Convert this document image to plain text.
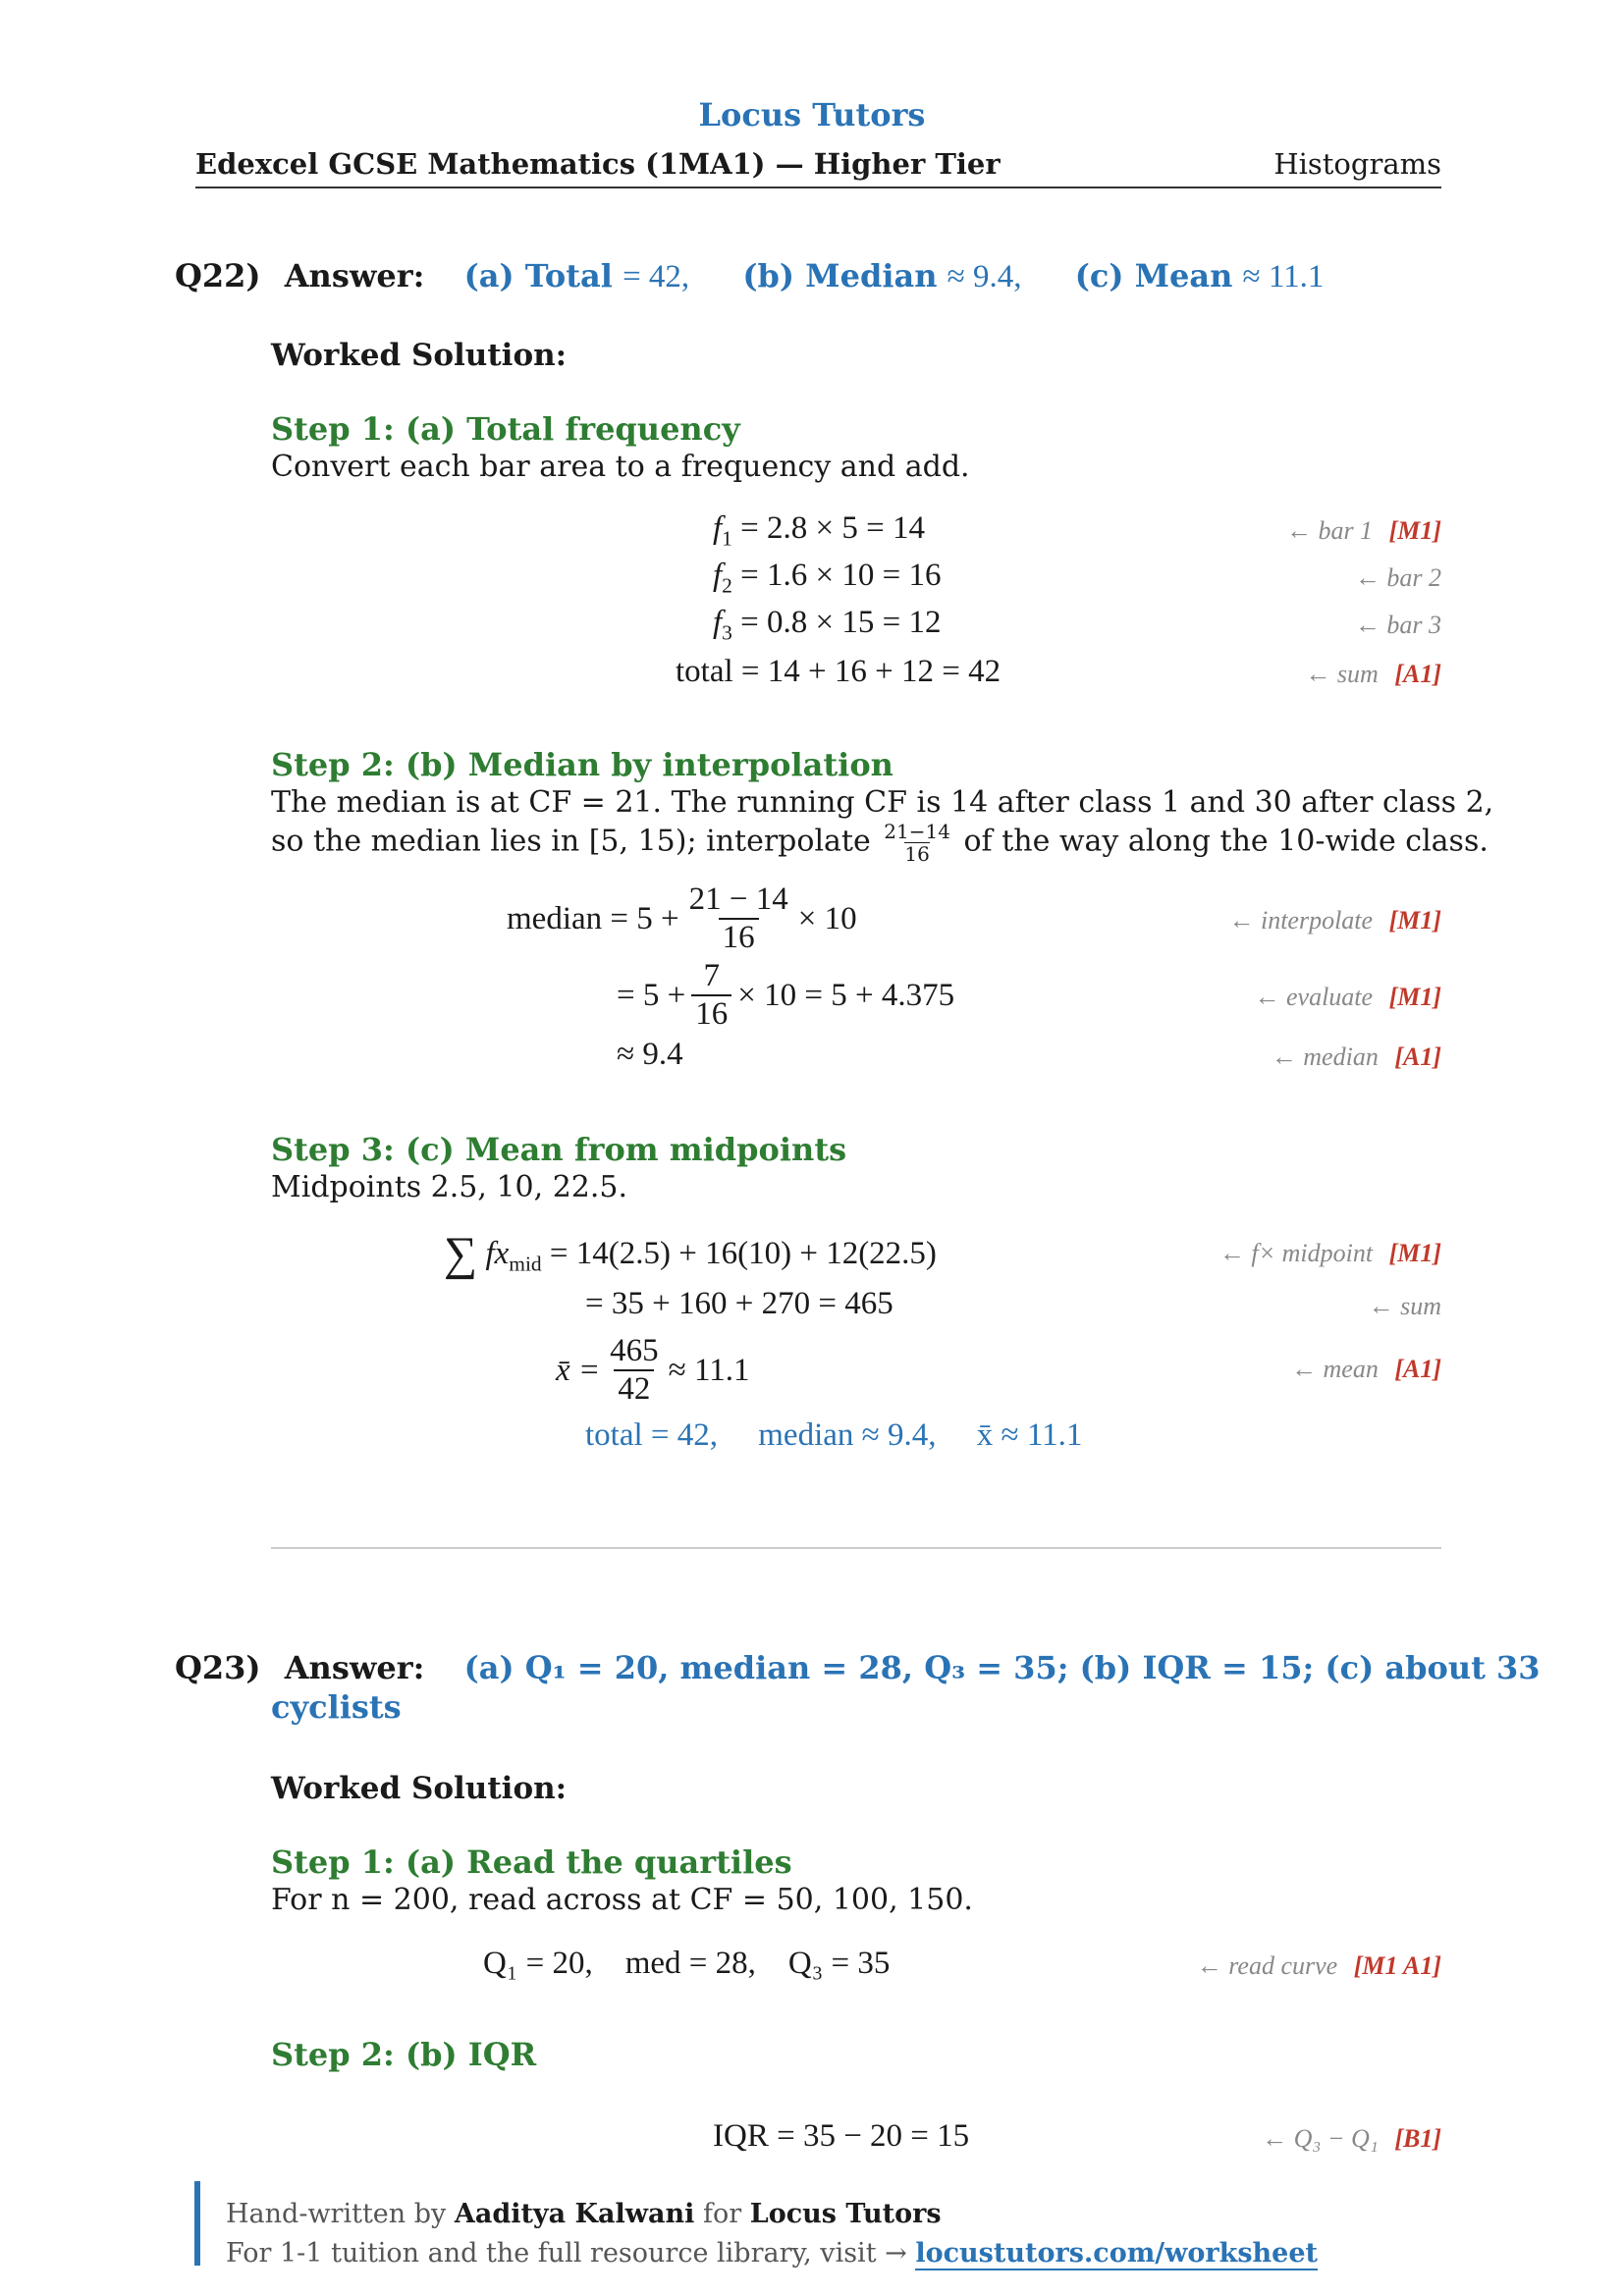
Locus Tutors
Edexcel GCSE Mathematics (1MA1) — Higher Tier	Histograms
Q22) Answer: (a) Total = 42, (b) Median ≈ 9.4, (c) Mean ≈ 11.1
Worked Solution:
Step 1: (a) Total frequency
Convert each bar area to a frequency and add.
$f_1 = 2.8 \times 5 = 14$	← bar 1 [M1]
$f_2 = 1.6 \times 10 = 16$	← bar 2
$f_3 = 0.8 \times 15 = 12$	← bar 3
total = 14 + 16 + 12 = 42	← sum [A1]
Step 2: (b) Median by interpolation
The median is at CF = 21. The running CF is 14 after class 1 and 30 after class 2,
so the median lies in [5, 15); interpolate $\frac{21-14}{16}$ of the way along the 10-wide class.
median = $5 + \frac{21 - 14}{16} \times 10$	← interpolate [M1]
= $5 + \frac{7}{16} \times 10 = 5 + 4.375$	← evaluate [M1]
≈ 9.4	← median [A1]
Step 3: (c) Mean from midpoints
Midpoints 2.5, 10, 22.5.
∑ $fx_{mid} = 14(2.5) + 16(10) + 12(22.5)$	← f× midpoint [M1]
= 35 + 160 + 270 = 465	← sum
x̄ = $\frac{465}{42} \approx 11.1$	← mean [A1]
total = 42,     median ≈ 9.4,     x̄ ≈ 11.1
Q23) Answer: (a) Q₁ = 20, median = 28, Q₃ = 35; (b) IQR = 15; (c) about 33
cyclists
Worked Solution:
Step 1: (a) Read the quartiles
For n = 200, read across at CF = 50, 100, 150.
Q₁ = 20,    med = 28,    Q₃ = 35	← read curve [M1 A1]
Step 2: (b) IQR
IQR = 35 − 20 = 15	← Q₃ − Q₁ [B1]
Hand-written by Aaditya Kalwani for Locus Tutors
For 1-1 tuition and the full resource library, visit → locustutors.com/worksheet
